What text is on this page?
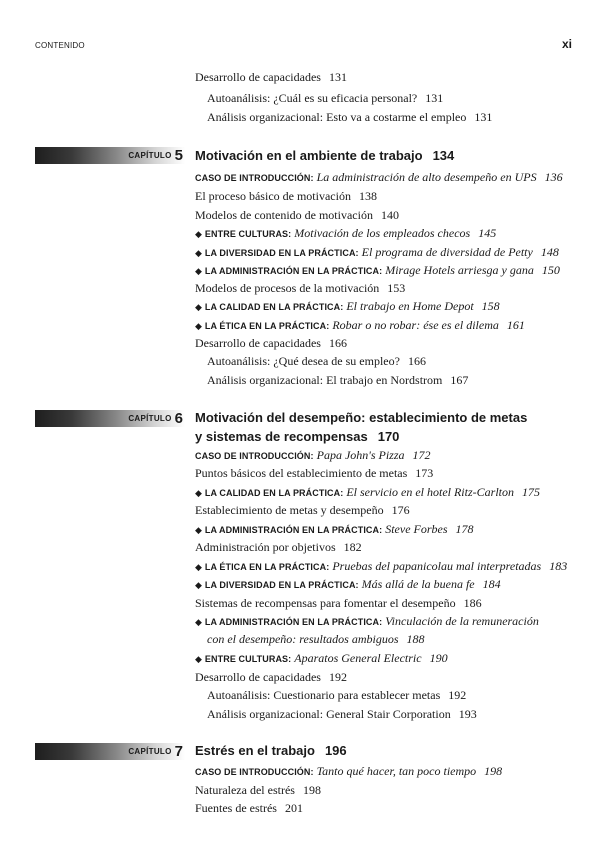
CONTENIDO	xi
Desarrollo de capacidades 131
Autoanálisis: ¿Cuál es su eficacia personal? 131
Análisis organizacional: Esto va a costarme el empleo 131
CAPÍTULO 5 Motivación en el ambiente de trabajo 134
CASO DE INTRODUCCIÓN: La administración de alto desempeño en UPS 136
El proceso básico de motivación 138
Modelos de contenido de motivación 140
◆ ENTRE CULTURAS: Motivación de los empleados checos 145
◆ LA DIVERSIDAD EN LA PRÁCTICA: El programa de diversidad de Petty 148
◆ LA ADMINISTRACIÓN EN LA PRÁCTICA: Mirage Hotels arriesga y gana 150
Modelos de procesos de la motivación 153
◆ LA CALIDAD EN LA PRÁCTICA: El trabajo en Home Depot 158
◆ LA ÉTICA EN LA PRÁCTICA: Robar o no robar: ése es el dilema 161
Desarrollo de capacidades 166
Autoanálisis: ¿Qué desea de su empleo? 166
Análisis organizacional: El trabajo en Nordstrom 167
CAPÍTULO 6 Motivación del desempeño: establecimiento de metas
y sistemas de recompensas 170
CASO DE INTRODUCCIÓN: Papa John's Pizza 172
Puntos básicos del establecimiento de metas 173
◆ LA CALIDAD EN LA PRÁCTICA: El servicio en el hotel Ritz-Carlton 175
Establecimiento de metas y desempeño 176
◆ LA ADMINISTRACIÓN EN LA PRÁCTICA: Steve Forbes 178
Administración por objetivos 182
◆ LA ÉTICA EN LA PRÁCTICA: Pruebas del papanicolau mal interpretadas 183
◆ LA DIVERSIDAD EN LA PRÁCTICA: Más allá de la buena fe 184
Sistemas de recompensas para fomentar el desempeño 186
◆ LA ADMINISTRACIÓN EN LA PRÁCTICA: Vinculación de la remuneración
con el desempeño: resultados ambiguos 188
◆ ENTRE CULTURAS: Aparatos General Electric 190
Desarrollo de capacidades 192
Autoanálisis: Cuestionario para establecer metas 192
Análisis organizacional: General Stair Corporation 193
CAPÍTULO 7 Estrés en el trabajo 196
CASO DE INTRODUCCIÓN: Tanto qué hacer, tan poco tiempo 198
Naturaleza del estrés 198
Fuentes de estrés 201
